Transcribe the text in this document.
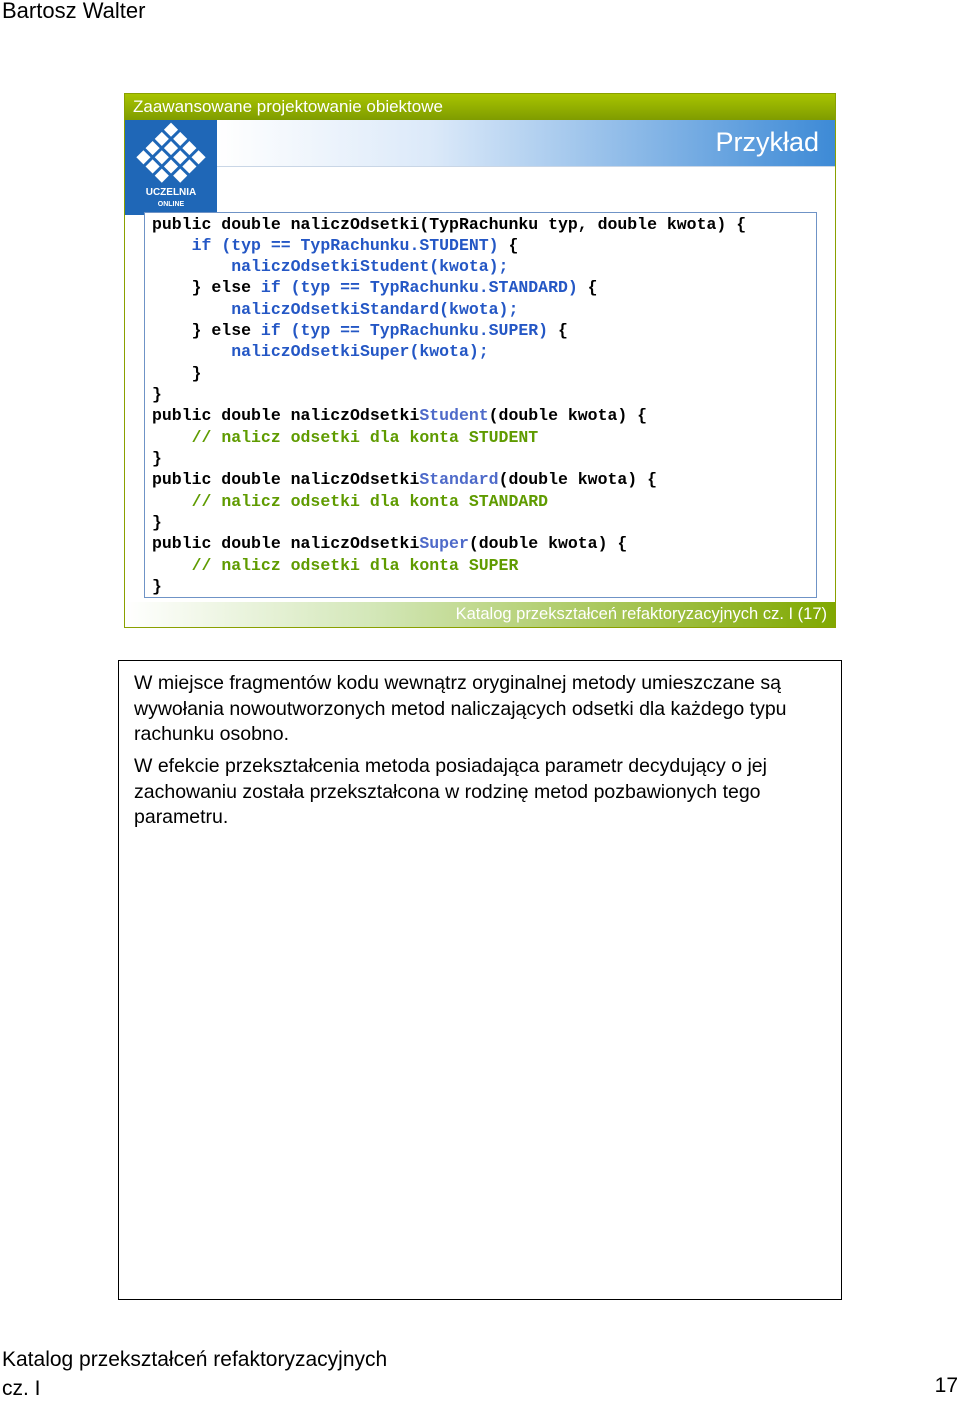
Bartosz Walter
Zaawansowane projektowanie obiektowe
UCZELNIA
ONLINE
Przykład
public double naliczOdsetki(TypRachunku typ, double kwota) {
if (typ == TypRachunku.STUDENT) {
naliczOdsetkiStudent(kwota);
} else if (typ == TypRachunku.STANDARD) {
naliczOdsetkiStandard(kwota);
} else if (typ == TypRachunku.SUPER) {
naliczOdsetkiSuper(kwota);
}
}
public double naliczOdsetkiStudent(double kwota) {
// nalicz odsetki dla konta STUDENT
}
public double naliczOdsetkiStandard(double kwota) {
// nalicz odsetki dla konta STANDARD
}
public double naliczOdsetkiSuper(double kwota) {
// nalicz odsetki dla konta SUPER
}
Katalog przekształceń refaktoryzacyjnych cz. I (17)

W miejsce fragmentów kodu wewnątrz oryginalnej metody umieszczane są wywołania nowoutworzonych metod naliczających odsetki dla każdego typu rachunku osobno.

W efekcie przekształcenia metoda posiadająca parametr decydujący o jej zachowaniu została przekształcona w rodzinę metod pozbawionych tego parametru.

Katalog przekształceń refaktoryzacyjnych
cz. I	17
